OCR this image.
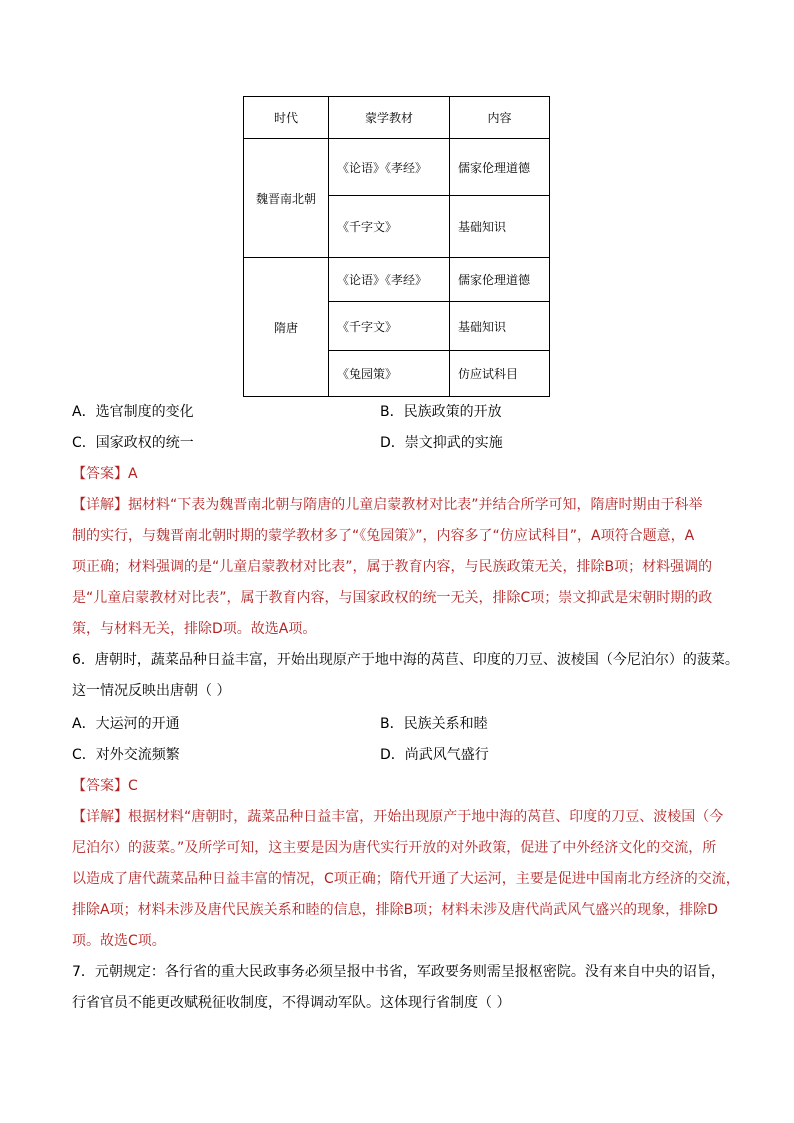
时代	蒙学教材	内容
魏晋南北朝	《论语》《孝经》	儒家伦理道德
	《千字文》	基础知识
隋唐	《论语》《孝经》	儒家伦理道德
	《千字文》	基础知识
	《兔园策》	仿应试科目
A．选官制度的变化	B．民族政策的开放
C．国家政权的统一	D．崇文抑武的实施
【答案】A
【详解】据材料“下表为魏晋南北朝与隋唐的儿童启蒙教材对比表”并结合所学可知，隋唐时期由于科举
制的实行，与魏晋南北朝时期的蒙学教材多了“《兔园策》”，内容多了“仿应试科目”，A项符合题意，A
项正确；材料强调的是“儿童启蒙教材对比表”，属于教育内容，与民族政策无关，排除B项；材料强调的
是“儿童启蒙教材对比表”，属于教育内容，与国家政权的统一无关，排除C项；崇文抑武是宋朝时期的政
策，与材料无关，排除D项。故选A项。
6．唐朝时，蔬菜品种日益丰富，开始出现原产于地中海的莴苣、印度的刀豆、波棱国（今尼泊尔）的菠菜。
这一情况反映出唐朝（ ）
A．大运河的开通	B．民族关系和睦
C．对外交流频繁	D．尚武风气盛行
【答案】C
【详解】根据材料“唐朝时，蔬菜品种日益丰富，开始出现原产于地中海的莴苣、印度的刀豆、波棱国（今
尼泊尔）的菠菜。”及所学可知，这主要是因为唐代实行开放的对外政策，促进了中外经济文化的交流，所
以造成了唐代蔬菜品种日益丰富的情况，C项正确；隋代开通了大运河，主要是促进中国南北方经济的交流，
排除A项；材料未涉及唐代民族关系和睦的信息，排除B项；材料未涉及唐代尚武风气盛兴的现象，排除D
项。故选C项。
7．元朝规定：各行省的重大民政事务必须呈报中书省，军政要务则需呈报枢密院。没有来自中央的诏旨，
行省官员不能更改赋税征收制度，不得调动军队。这体现行省制度（ ）
